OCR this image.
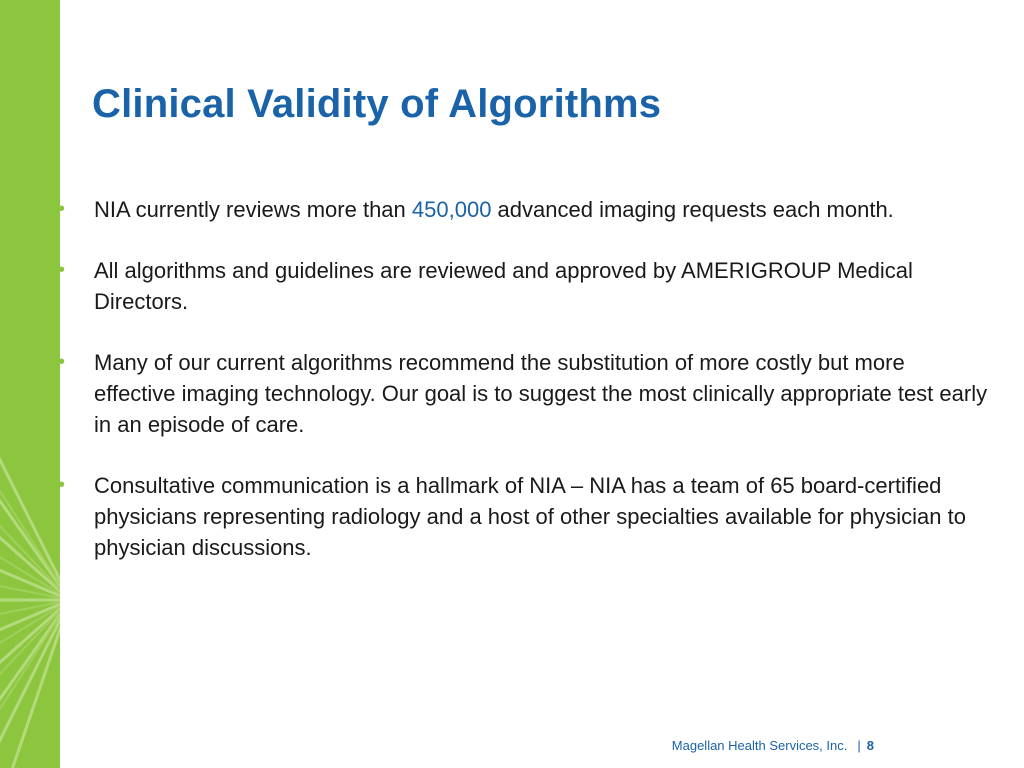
Clinical Validity of Algorithms
•	NIA currently reviews more than 450,000 advanced imaging requests each month.
•	All algorithms and guidelines are reviewed and approved by AMERIGROUP Medical Directors.
•	Many of our current algorithms recommend the substitution of more costly but more effective imaging technology. Our goal is to suggest the most clinically appropriate test early in an episode of care.
•	Consultative communication is a hallmark of NIA – NIA has a team of 65 board-certified physicians representing radiology and a host of other specialties available for physician to physician discussions.
Magellan Health Services, Inc. | 8
